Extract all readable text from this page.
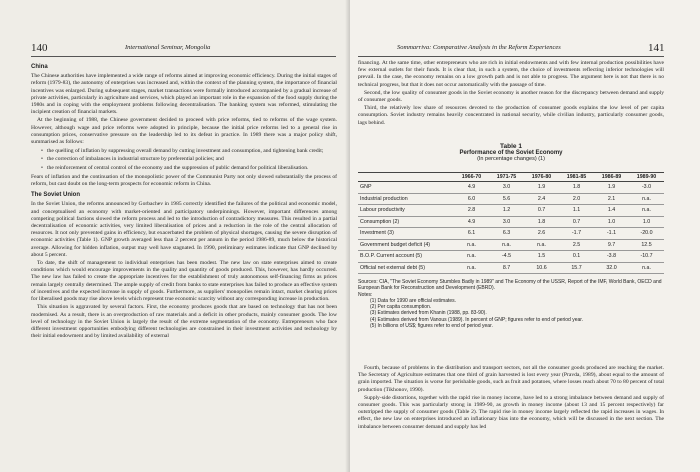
140	International Seminar, Mongolia
China

The Chinese authorities have implemented a wide range of reforms aimed at improving economic efficiency. During the initial stages of reform (1979-83), the autonomy of enterprises was increased and, within the context of the planning system, the importance of financial incentives was enlarged. During subsequent stages, market transactions were formally introduced accompanied by a gradual increase of private activities, particularly in agriculture and services, which played an important role in the expansion of the food supply during the 1980s and in coping with the employment problems following decentralisation. The banking system was reformed, stimulating the incipient creation of financial markets.

At the beginning of 1988, the Chinese government decided to proceed with price reforms, tied to reforms of the wage system. However, although wage and price reforms were adopted in principle, because the initial price reforms led to a general rise in consumption prices, conservative pressure on the leadership led to its defeat in practice. In 1989 there was a major policy shift, summarised as follows:

• the quelling of inflation by suppressing overall demand by cutting investment and consumption, and tightening bank credit;
• the correction of imbalances in industrial structure by preferential policies; and
• the reinforcement of central control of the economy and the suppression of public demand for political liberalisation.

Fears of inflation and the continuation of the monopolistic power of the Communist Party not only slowed substantially the process of reform, but cast doubt on the long-term prospects for economic reform in China.

The Soviet Union

In the Soviet Union, the reforms announced by Gorbachev in 1985 correctly identified the failures of the political and economic model, and conceptualised an economy with market-oriented and participatory underpinnings. However, important differences among competing political factions slowed the reform process and led to the introduction of contradictory measures. This resulted in a partial decentralisation of economic activities, very limited liberalisation of prices and a reduction in the role of the central allocation of resources. It not only prevented gains in efficiency, but exacerbated the problem of physical shortages, causing the severe disruption of economic activities (Table 1). GNP growth averaged less than 2 percent per annum in the period 1986-89, much below the historical average. Allowing for hidden inflation, output may well have stagnated. In 1990, preliminary estimates indicate that GNP declined by about 5 percent.

To date, the shift of management to individual enterprises has been modest. The new law on state enterprises aimed to create conditions which would encourage improvements in the quality and quantity of goods produced. This, however, has hardly occurred. The new law has failed to create the appropriate incentives for the establishment of truly autonomous self-financing firms as prices remain largely centrally determined. The ample supply of credit from banks to state enterprises has failed to produce an effective system of incentives and the expected increase in supply of goods. Furthermore, as suppliers' monopolies remain intact, market clearing prices for liberalised goods may rise above levels which represent true economic scarcity without any corresponding increase in production.

This situation is aggravated by several factors. First, the economy produces goods that are based on technology that has not been modernised. As a result, there is an overproduction of raw materials and a deficit in other products, mainly consumer goods. The low level of technology in the Soviet Union is largely the result of the extreme segmentation of the economy. Entrepreneurs who face different investment opportunities embodying different technologies are constrained in their investment activities and technology by their initial endowment and by limited availability of external

Sommarriva: Comparative Analysis in the Reform Experiences	141

financing. At the same time, other entrepreneurs who are rich in initial endowments and with few internal production possibilities have few external outlets for their funds. It is clear that, in such a system, the choice of investments reflecting inferior technologies will prevail. In the case, the economy remains on a low growth path and is not able to progress. The argument here is not that there is no technical progress, but that it does not occur automatically with the passage of time.

Second, the low quality of consumer goods in the Soviet economy is another reason for the discrepancy between demand and supply of consumer goods.

Third, the relatively low share of resources devoted to the production of consumer goods explains the low level of per capita consumption. Soviet industry remains heavily concentrated in national security, while civilian industry, particularly consumer goods, lags behind.

Table 1
Performance of the Soviet Economy
(In percentage changes) (1)
	1966-70	1971-75	1976-80	1981-85	1986-89	1989-90
GNP	4.9	3.0	1.9	1.8	1.9	-3.0
Industrial production	6.0	5.6	2.4	2.0	2.1	n.a.
Labour productivity	2.8	1.2	0.7	1.1	1.4	n.a.
Consumption (2)	4.9	3.0	1.8	0.7	1.0	1.0
Investment (3)	6.1	6.3	2.6	-1.7	-1.1	-20.0
Government budget deficit (4)	n.a.	n.a.	n.a.	2.5	9.7	12.5
B.O.P. Current account (5)	n.a.	-4.5	1.5	0.1	-3.8	-10.7
Official net external debt (5)	n.a.	8.7	10.6	15.7	32.0	n.a.
Sources: CIA, "The Soviet Economy Stumbles Badly in 1989" and The Economy of the USSR, Report of the IMF, World Bank, OECD and European Bank for Reconstruction and Development (EBRD).
Notes:
(1) Data for 1990 are official estimates.
(2) Per capita consumption.
(3) Estimates derived from Khanin (1988, pp. 83-90).
(4) Estimates derived from Vanous (1989). In percent of GNP; figures refer to end of period year.
(5) In billions of US$; figures refer to end of period year.

Fourth, because of problems in the distribution and transport sectors, not all the consumer goods produced are reaching the market. The Secretary of Agriculture estimates that one third of grain harvested is lost every year (Pravda, 1989), about equal to the amount of grain imported. The situation is worse for perishable goods, such as fruit and potatoes, where losses reach about 70 to 80 percent of total production (Tikhonov, 1990).

Supply-side distortions, together with the rapid rise in money income, have led to a strong imbalance between demand and supply of consumer goods. This was particularly strong in 1989-90, as growth in money income (about 13 and 15 percent respectively) far outstripped the supply of consumer goods (Table 2). The rapid rise in money income largely reflected the rapid increases in wages. In effect, the new law on enterprises introduced an inflationary bias into the economy, which will be discussed in the next section. The imbalance between consumer demand and supply has led
